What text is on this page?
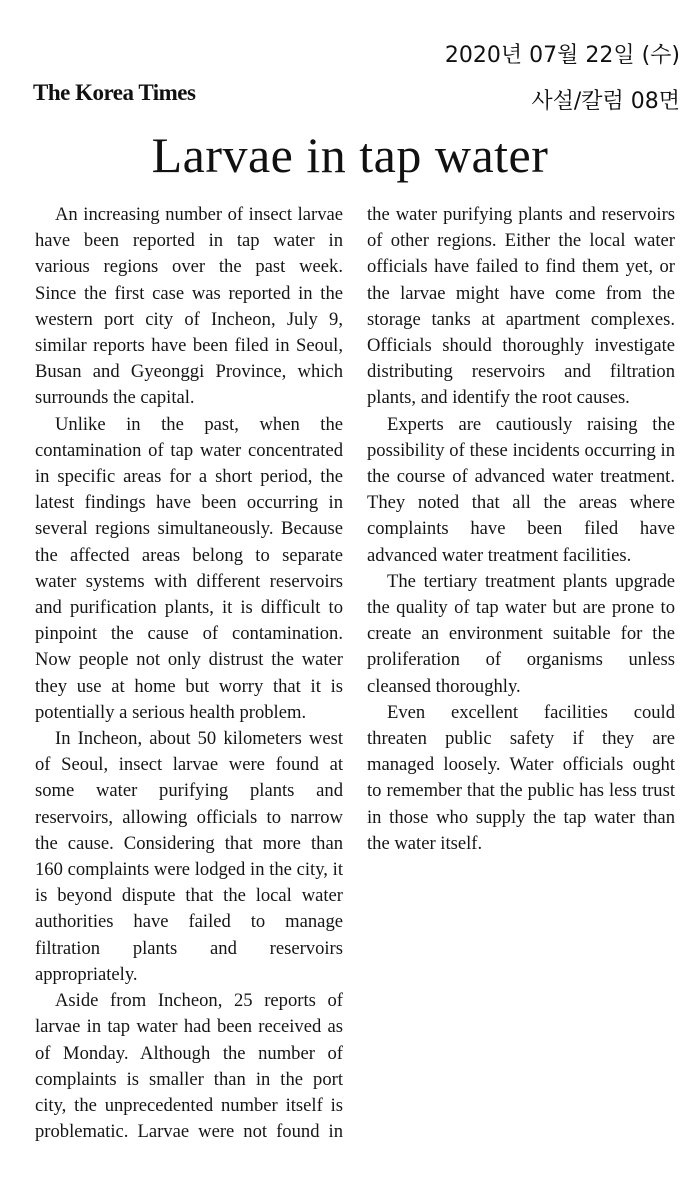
The Korea Times
2020년 07월 22일 (수)
사설/칼럼 08면
Larvae in tap water

An increasing number of insect larvae have been reported in tap water in various regions over the past week. Since the first case was reported in the western port city of Incheon, July 9, similar reports have been filed in Seoul, Busan and Gyeonggi Province, which surrounds the capital.

Unlike in the past, when the contamination of tap water concentrated in specific areas for a short period, the latest findings have been occurring in several regions simultaneously. Because the affected areas belong to separate water systems with different reservoirs and purification plants, it is difficult to pinpoint the cause of contamination. Now people not only distrust the water they use at home but worry that it is potentially a serious health problem.

In Incheon, about 50 kilometers west of Seoul, insect larvae were found at some water purifying plants and reservoirs, allowing officials to narrow the cause. Considering that more than 160 complaints were lodged in the city, it is beyond dispute that the local water authorities have failed to manage filtration plants and reservoirs appropriately.

Aside from Incheon, 25 reports of larvae in tap water had been received as of Monday. Although the number of complaints is smaller than in the port city, the unprecedented number itself is problematic. Larvae were not found in the water purifying plants and reservoirs of other regions. Either the local water officials have failed to find them yet, or the larvae might have come from the storage tanks at apartment complexes. Officials should thoroughly investigate distributing reservoirs and filtration plants, and identify the root causes.

Experts are cautiously raising the possibility of these incidents occurring in the course of advanced water treatment. They noted that all the areas where complaints have been filed have advanced water treatment facilities.

The tertiary treatment plants upgrade the quality of tap water but are prone to create an environment suitable for the proliferation of organisms unless cleansed thoroughly.

Even excellent facilities could threaten public safety if they are managed loosely. Water officials ought to remember that the public has less trust in those who supply the tap water than the water itself.
